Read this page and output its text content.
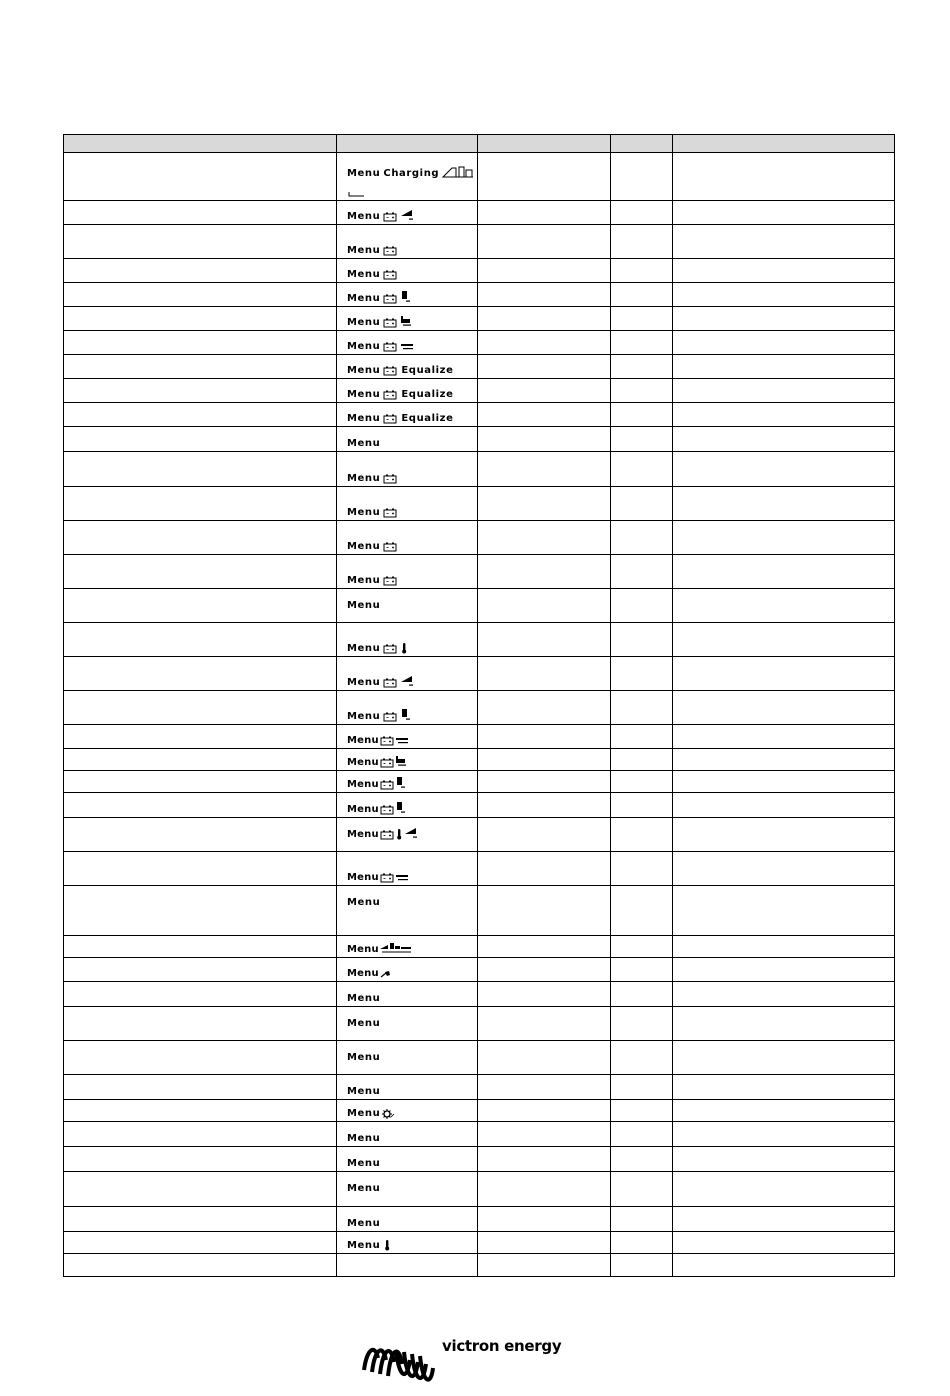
	Menu Charging

	Menu			
	Menu			
	Menu			
	Menu			
	Menu			
	Menu			
	Menu Equalize			
	Menu Equalize			
	Menu Equalize			
	Menu			
	Menu			
	Menu			
	Menu			
	Menu			
	Menu			
	Menu			
	Menu			
	Menu			
	Menu			
	Menu			
	Menu			
	Menu			
	Menu			
	Menu			
	Menu			
	Menu			
	Menu			
	Menu			
	Menu			
	Menu			
	Menu			
	Menu			
	Menu			
	Menu			
	Menu			
	Menu			
	Menu			

victron energy
